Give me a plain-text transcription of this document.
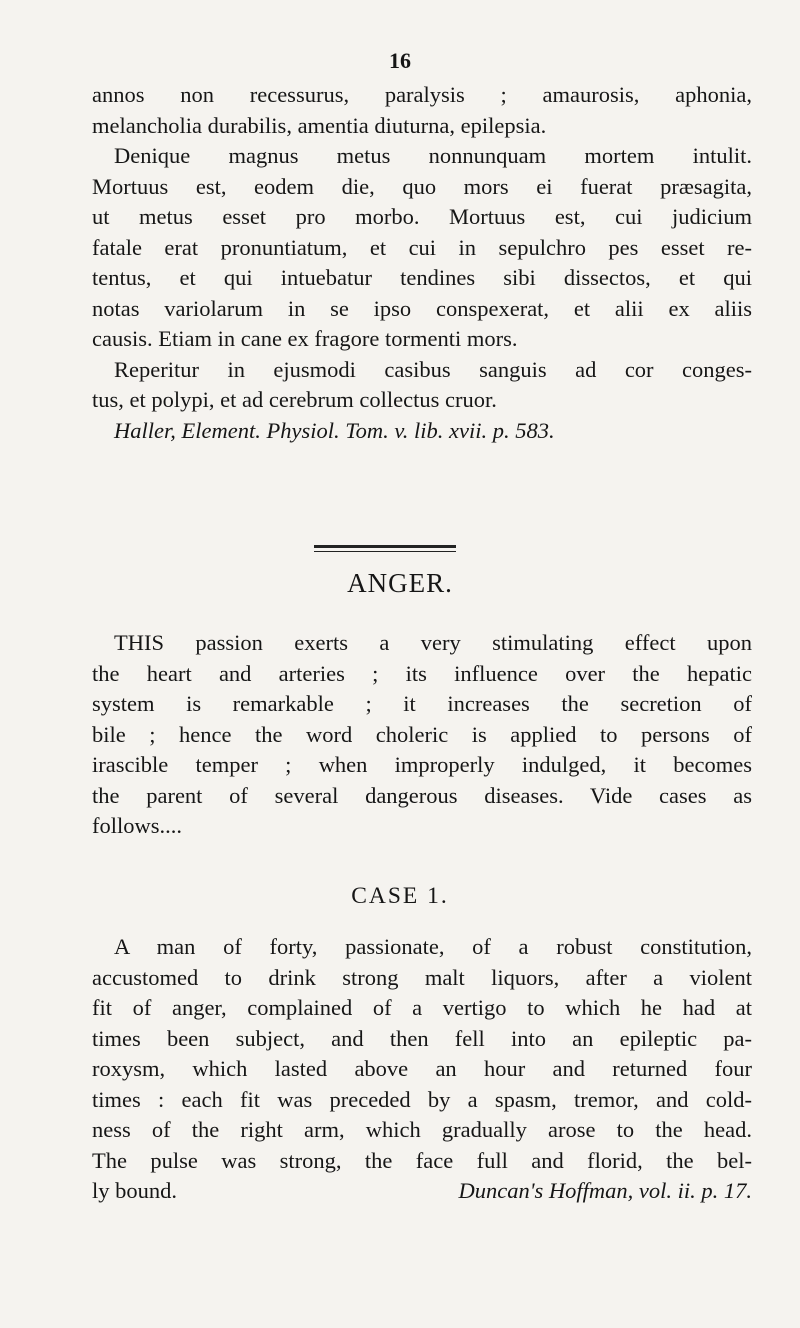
16
annos non recessurus, paralysis ; amaurosis, aphonia,
melancholia durabilis, amentia diuturna, epilepsia.
Denique magnus metus nonnunquam mortem intulit.
Mortuus est, eodem die, quo mors ei fuerat præsagita,
ut metus esset pro morbo. Mortuus est, cui judicium
fatale erat pronuntiatum, et cui in sepulchro pes esset re-
tentus, et qui intuebatur tendines sibi dissectos, et qui
notas variolarum in se ipso conspexerat, et alii ex aliis
causis. Etiam in cane ex fragore tormenti mors.
Reperitur in ejusmodi casibus sanguis ad cor conges-
tus, et polypi, et ad cerebrum collectus cruor.
Haller, Element. Physiol. Tom. v. lib. xvii. p. 583.
ANGER.
THIS passion exerts a very stimulating effect upon
the heart and arteries ; its influence over the hepatic
system is remarkable ; it increases the secretion of
bile ; hence the word choleric is applied to persons of
irascible temper ; when improperly indulged, it becomes
the parent of several dangerous diseases. Vide cases as
follows....
CASE 1.
A man of forty, passionate, of a robust constitution,
accustomed to drink strong malt liquors, after a violent
fit of anger, complained of a vertigo to which he had at
times been subject, and then fell into an epileptic pa-
roxysm, which lasted above an hour and returned four
times : each fit was preceded by a spasm, tremor, and cold-
ness of the right arm, which gradually arose to the head.
The pulse was strong, the face full and florid, the bel-
ly bound.	Duncan's Hoffman, vol. ii. p. 17.
